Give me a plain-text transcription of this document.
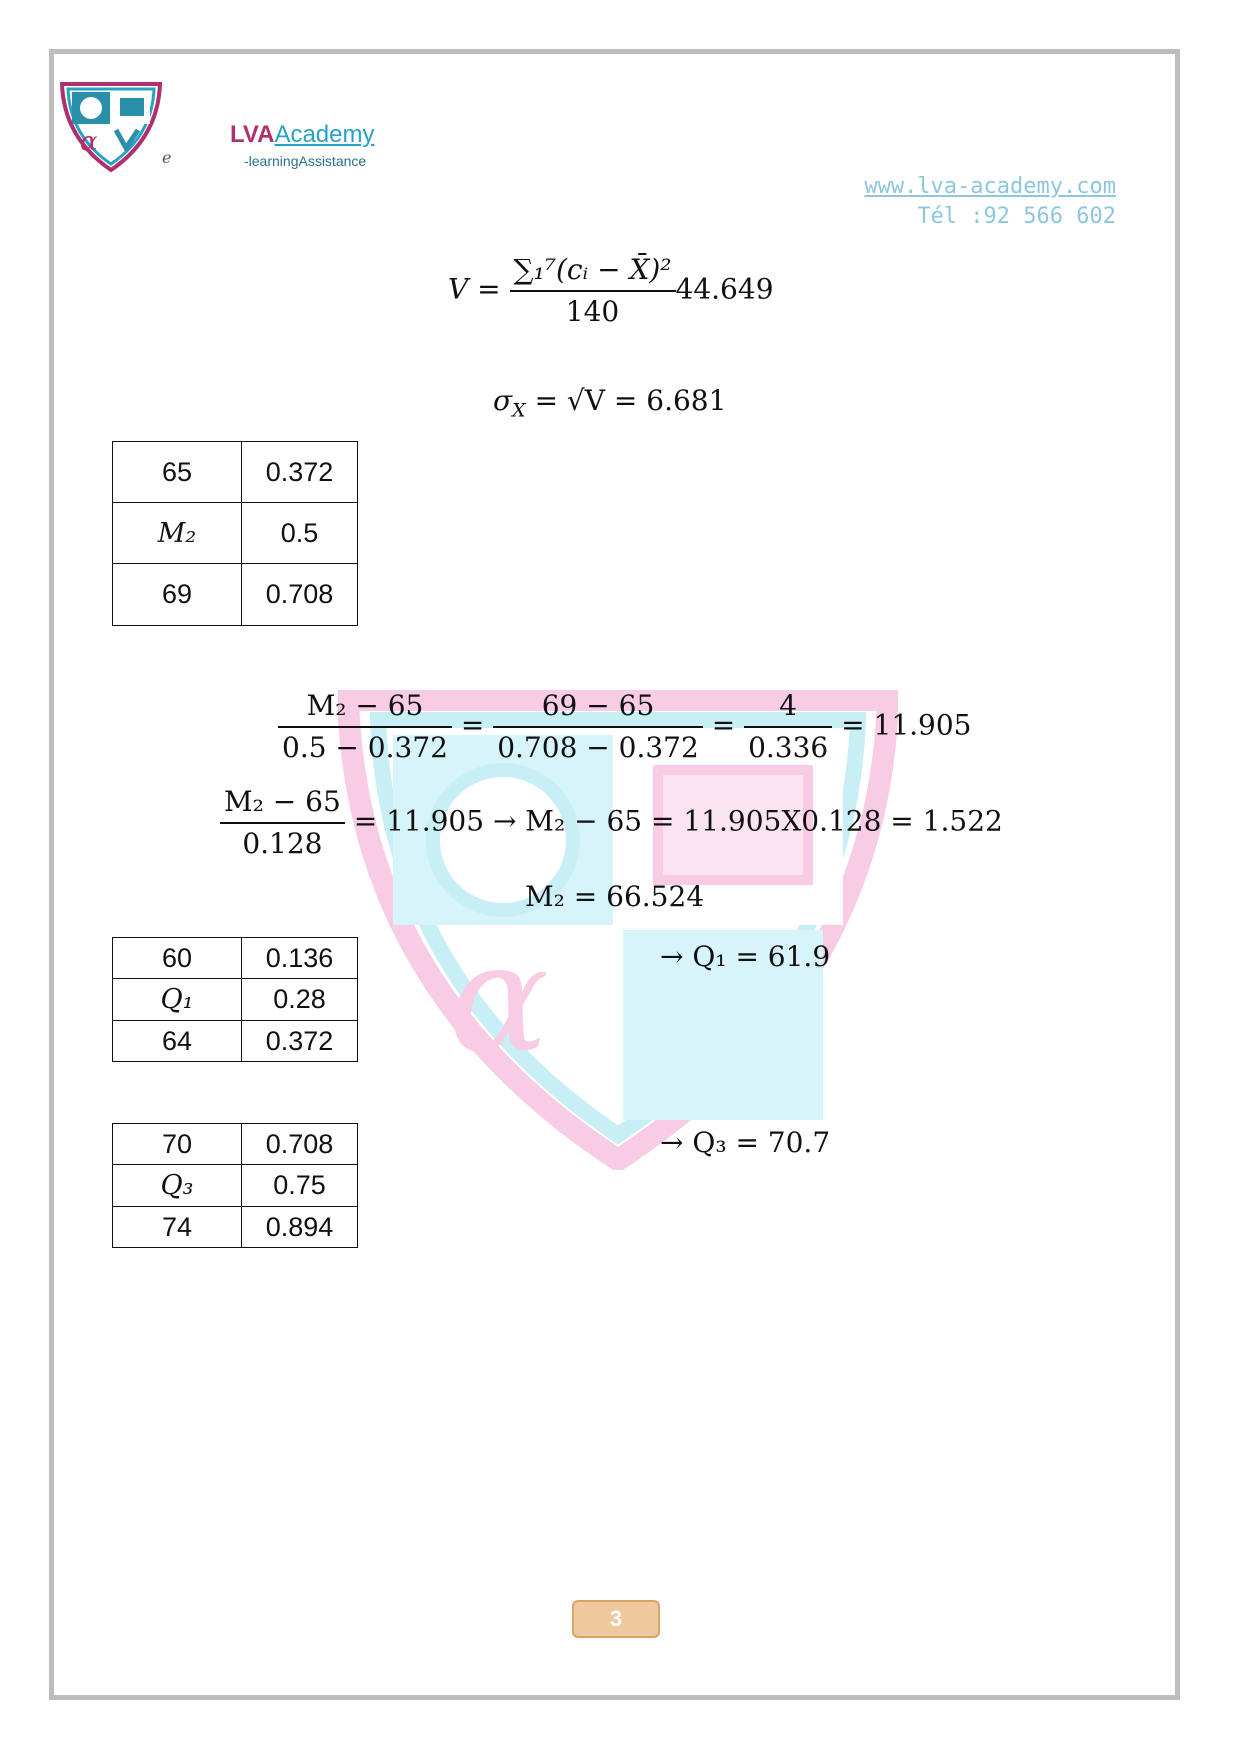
α
e
LVAAcademy
-learningAssistance
www.lva-academy.com
Tél :92 566 602
α
$V = \frac{\text{∑₁⁷(cᵢ − X̄)²}}{140} 44.649$
$\sigma_X = √V = 6.681$
65	0.372
M₂	0.5
69	0.708
$\frac{\text{M₂ − 65}}{0.5 - 0.372} = \frac{69 - 65}{0.708 - 0.372} = \frac{4}{0.336} = 11.905$
$\frac{\text{M₂ − 65}}{0.128} = 11.905 \to M_2 - 65 = 11.905X0.128 = 1.522$
M₂ = 66.524
60	0.136
Q₁	0.28
64	0.372
→ Q₁ = 61.9
70	0.708
Q₃	0.75
74	0.894
→ Q₃ = 70.7
3
